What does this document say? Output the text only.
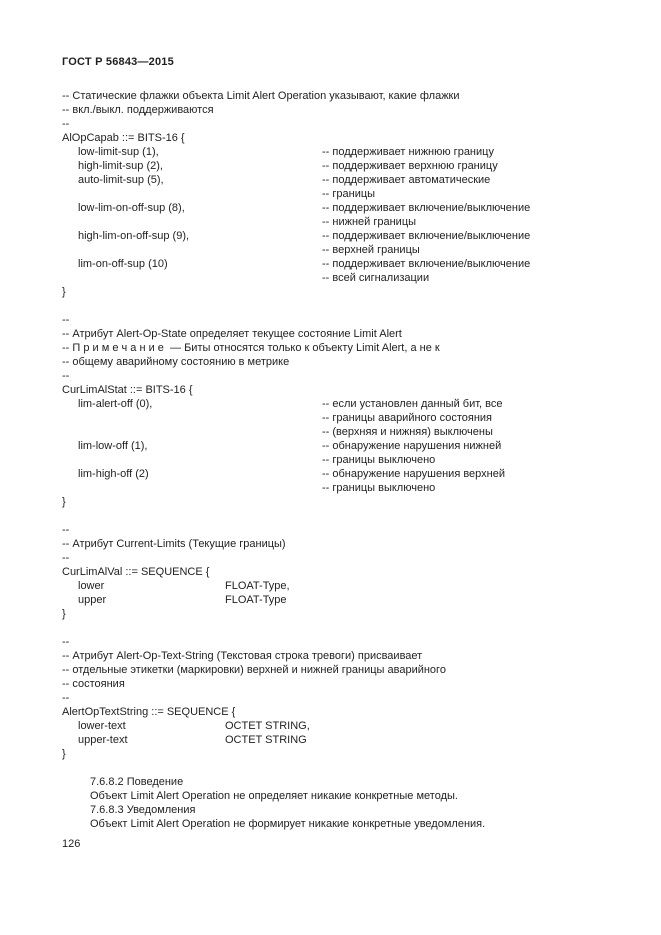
ГОСТ Р 56843—2015
-- Статические флажки объекта Limit Alert Operation указывают, какие флажки
-- вкл./выкл. поддерживаются
--
AlOpCapab ::= BITS-16 {
low-limit-sup (1),	-- поддерживает нижнюю границу
high-limit-sup (2),	-- поддерживает верхнюю границу
auto-limit-sup (5),	-- поддерживает автоматические
-- границы
low-lim-on-off-sup (8),	-- поддерживает включение/выключение
-- нижней границы
high-lim-on-off-sup (9),	-- поддерживает включение/выключение
-- верхней границы
lim-on-off-sup (10)	-- поддерживает включение/выключение
-- всей сигнализации
}
--
-- Атрибут Alert-Op-State определяет текущее состояние Limit Alert
-- П р и м е ч а н и е  — Биты относятся только к объекту Limit Alert, а не к
-- общему аварийному состоянию в метрике
--
CurLimAlStat ::= BITS-16 {
lim-alert-off (0),	-- если установлен данный бит, все
-- границы аварийного состояния
-- (верхняя и нижняя) выключены
lim-low-off (1),	-- обнаружение нарушения нижней
-- границы выключено
lim-high-off (2)	-- обнаружение нарушения верхней
-- границы выключено
}
--
-- Атрибут Current-Limits (Текущие границы)
--
CurLimAlVal ::= SEQUENCE {
lower	FLOAT-Type,
upper	FLOAT-Type
}
--
-- Атрибут Alert-Op-Text-String (Текстовая строка тревоги) присваивает
-- отдельные этикетки (маркировки) верхней и нижней границы аварийного
-- состояния
--
AlertOpTextString ::= SEQUENCE {
lower-text	OCTET STRING,
upper-text	OCTET STRING
}
7.6.8.2 Поведение
Объект Limit Alert Operation не определяет никакие конкретные методы.
7.6.8.3 Уведомления
Объект Limit Alert Operation не формирует никакие конкретные уведомления.
126
